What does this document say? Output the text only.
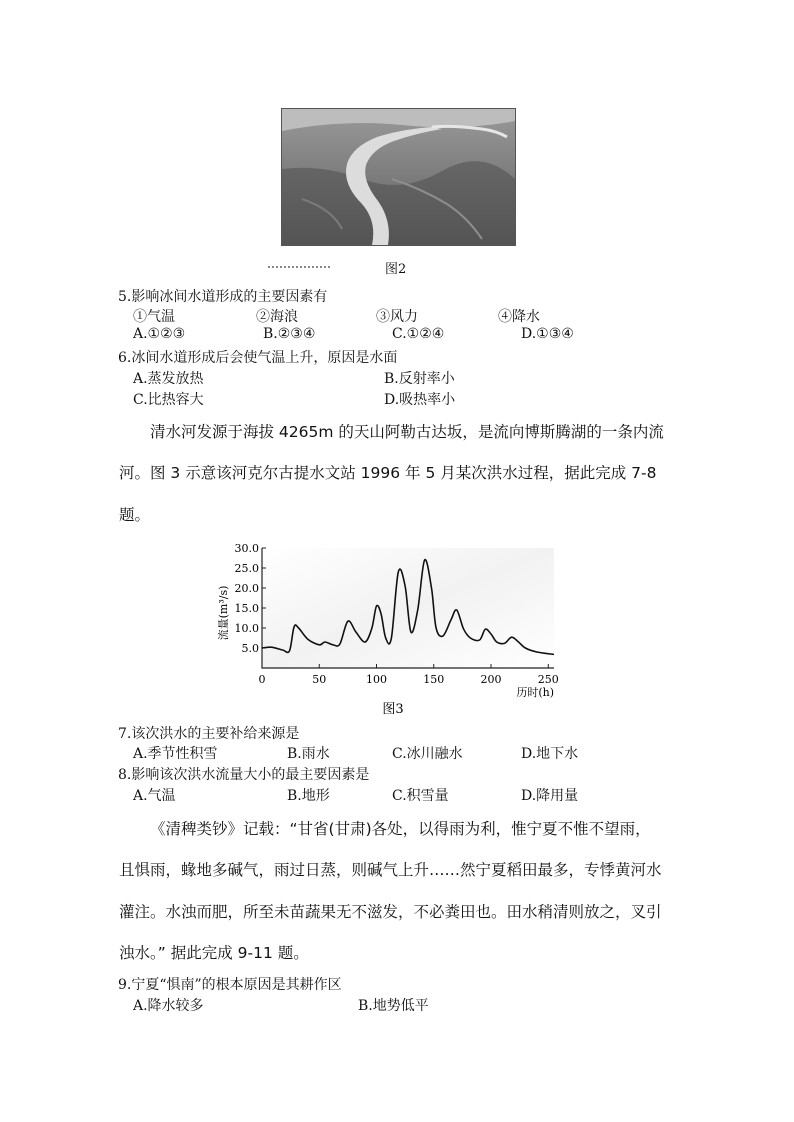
图2
5.影响冰间水道形成的主要因素有
①气温	②海浪	③风力	④降水
A.①②③	B.②③④	C.①②④	D.①③④
6.冰间水道形成后会使气温上升，原因是水面
A.蒸发放热	B.反射率小
C.比热容大	D.吸热率小
清水河发源于海拔 4265m 的天山阿勒古达坂，是流向博斯腾湖的一条内流
河。图 3 示意该河克尔古提水文站 1996 年 5 月某次洪水过程，据此完成 7-8
题。
5.0
10.0
15.0
20.0
25.0
30.0
0	50	100	150	200	250
流量(m³/s)
历时(h)
图3
7.该次洪水的主要补给来源是
A.季节性积雪	B.雨水	C.冰川融水	D.地下水
8.影响该次洪水流量大小的最主要因素是
A.气温	B.地形	C.积雪量	D.降用量
《清稗类钞》记载：“甘省(甘肃)各处，以得雨为利，惟宁夏不惟不望雨，
且惧雨，蝝地多碱气，雨过日蒸，则碱气上升……然宁夏稻田最多，专悸黄河水
灌注。水浊而肥，所至未苗蔬果无不滋发，不必粪田也。田水稍清则放之，叉引
浊水。” 据此完成 9-11 题。
9.宁夏“惧南”的根本原因是其耕作区
A.降水较多	B.地势低平
